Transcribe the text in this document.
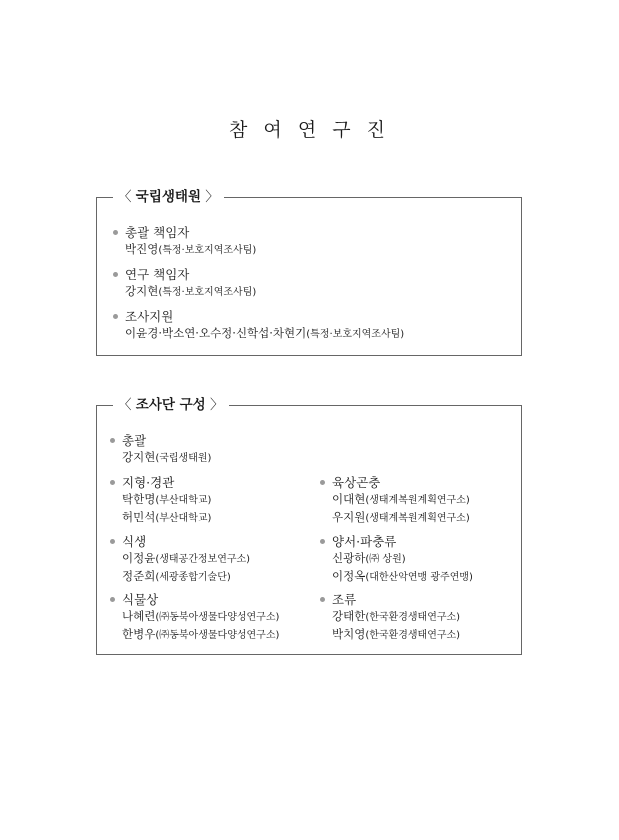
참 여 연 구 진
〈 국립생태원 〉
총괄 책임자
박진영(특정·보호지역조사팀)
연구 책임자
강지현(특정·보호지역조사팀)
조사지원
이윤경·박소연·오수정·신학섭·차현기(특정·보호지역조사팀)
〈 조사단 구성 〉
총괄
강지현(국립생태원)
지형·경관
탁한명(부산대학교)
허민석(부산대학교)
식생
이정윤(생태공간정보연구소)
정준희(세광종합기술단)
식물상
나혜련(㈜동북아생물다양성연구소)
한병우(㈜동북아생물다양성연구소)
육상곤충
이대현(생태계복원계획연구소)
우지원(생태계복원계획연구소)
양서·파충류
신광하(㈜ 상원)
이정옥(대한산악연맹 광주연맹)
조류
강태한(한국환경생태연구소)
박치영(한국환경생태연구소)
